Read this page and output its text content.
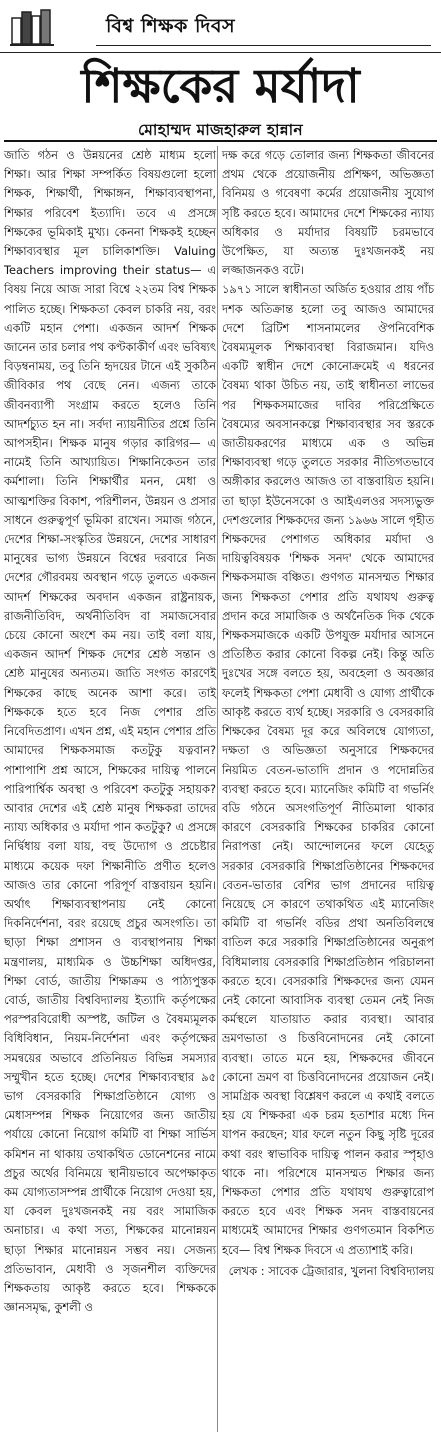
বিশ্ব শিক্ষক দিবস
শিক্ষকের মর্যাদা
মোহাম্মদ মাজহারুল হান্নান

জাতি গঠন ও উন্নয়নের শ্রেষ্ঠ মাধ্যম হলো শিক্ষা। আর শিক্ষা সম্পর্কিত বিষয়গুলো হলো শিক্ষক, শিক্ষার্থী, শিক্ষাঙ্গন, শিক্ষাব্যবস্থাপনা, শিক্ষার পরিবেশ ইত্যাদি। তবে এ প্রসঙ্গে শিক্ষকের ভূমিকাই মুখ্য। কেননা শিক্ষকই হচ্ছেন শিক্ষাব্যবস্থার মূল চালিকাশক্তি। Valuing Teachers improving their status— এ বিষয় নিয়ে আজ সারা বিশ্বে ২২তম বিশ্ব শিক্ষক পালিত হচ্ছে। শিক্ষকতা কেবল চাকরি নয়, বরং একটি মহান পেশা। একজন আদর্শ শিক্ষক জানেন তার চলার পথ কণ্টকাকীর্ণ এবং ভবিষ্যৎ বিড়ম্বনাময়, তবু তিনি হৃদয়ের টানে এই সুকঠিন জীবিকার পথ বেছে নেন। এজন্য তাকে জীবনব্যাপী সংগ্রাম করতে হলেও তিনি আদর্শচ্যুত হন না। সর্বদা ন্যায়নীতির প্রশ্নে তিনি আপসহীন। শিক্ষক মানুষ গড়ার কারিগর— এ নামেই তিনি আখ্যায়িত। শিক্ষানিকেতন তার কর্মশালা। তিনি শিক্ষার্থীর মনন, মেধা ও আত্মশক্তির বিকাশ, পরিশীলন, উন্নয়ন ও প্রসার সাধনে গুরুত্বপূর্ণ ভূমিকা রাখেন। সমাজ গঠনে, দেশের শিক্ষা-সংস্কৃতির উন্নয়নে, দেশের সাধারণ মানুষের ভাগ্য উন্নয়নে বিশ্বের দরবারে নিজ দেশের গৌরবময় অবস্থান গড়ে তুলতে একজন আদর্শ শিক্ষকের অবদান একজন রাষ্ট্রনায়ক, রাজনীতিবিদ, অর্থনীতিবিদ বা সমাজসেবার চেয়ে কোনো অংশে কম নয়। তাই বলা যায়, একজন আদর্শ শিক্ষক দেশের শ্রেষ্ঠ সন্তান ও শ্রেষ্ঠ মানুষের অন্যতম। জাতি সংগত কারণেই শিক্ষকের কাছে অনেক আশা করে। তাই শিক্ষককে হতে হবে নিজ পেশার প্রতি নিবেদিতপ্রাণ। এখন প্রশ্ন, এই মহান পেশার প্রতি আমাদের শিক্ষকসমাজ কতটুকু যত্নবান? পাশাপাশি প্রশ্ন আসে, শিক্ষকের দায়িত্ব পালনে পারিপার্শ্বিক অবস্থা ও পরিবেশ কতটুকু সহায়ক? আবার দেশের এই শ্রেষ্ঠ মানুষ শিক্ষকরা তাদের ন্যায্য অধিকার ও মর্যাদা পান কতটুকু? এ প্রসঙ্গে নির্দ্বিধায় বলা যায়, বহু উদ্যোগ ও প্রচেষ্টার মাধ্যমে কয়েক দফা শিক্ষানীতি প্রণীত হলেও আজও তার কোনো পরিপূর্ণ বাস্তবায়ন হয়নি। অর্থাৎ শিক্ষাব্যবস্থাপনায় নেই কোনো দিকনির্দেশনা, বরং রয়েছে প্রচুর অসংগতি। তা ছাড়া শিক্ষা প্রশাসন ও ব্যবস্থাপনায় শিক্ষা মন্ত্রণালয়, মাধ্যমিক ও উচ্চশিক্ষা অধিদপ্তর, শিক্ষা বোর্ড, জাতীয় শিক্ষাক্রম ও পাঠ্যপুস্তক বোর্ড, জাতীয় বিশ্ববিদ্যালয় ইত্যাদি কর্তৃপক্ষের পরস্পরবিরোধী অস্পষ্ট, জটিল ও বৈষম্যমূলক বিধিবিধান, নিয়ম-নির্দেশনা এবং কর্তৃপক্ষের সমন্বয়ের অভাবে প্রতিনিয়ত বিভিন্ন সমস্যার সম্মুখীন হতে হচ্ছে। দেশের শিক্ষাব্যবস্থার ৯৫ ভাগ বেসরকারি শিক্ষাপ্রতিষ্ঠানে যোগ্য ও মেধাসম্পন্ন শিক্ষক নিয়োগের জন্য জাতীয় পর্যায়ে কোনো নিয়োগ কমিটি বা শিক্ষা সার্ভিস কমিশন না থাকায় তথাকথিত ডোনেশনের নামে প্রচুর অর্থের বিনিময়ে স্থানীয়ভাবে অপেক্ষাকৃত কম যোগ্যতাসম্পন্ন প্রার্থীকে নিয়োগ দেওয়া হয়, যা কেবল দুঃখজনকই নয় বরং সামাজিক অনাচার। এ কথা সত্য, শিক্ষকের মানোন্নয়ন ছাড়া শিক্ষার মানোন্নয়ন সম্ভব নয়। সেজন্য প্রতিভাবান, মেধাবী ও সৃজনশীল ব্যক্তিদের শিক্ষকতায় আকৃষ্ট করতে হবে। শিক্ষককে জ্ঞানসমৃদ্ধ, কুশলী ও

দক্ষ করে গড়ে তোলার জন্য শিক্ষকতা জীবনের প্রথম থেকে প্রয়োজনীয় প্রশিক্ষণ, অভিজ্ঞতা বিনিময় ও গবেষণা কর্মের প্রয়োজনীয় সুযোগ সৃষ্টি করতে হবে। আমাদের দেশে শিক্ষকের ন্যায্য অধিকার ও মর্যাদার বিষয়টি চরমভাবে উপেক্ষিত, যা অত্যন্ত দুঃখজনকই নয় লজ্জাজনকও বটে।

১৯৭১ সালে স্বাধীনতা অর্জিত হওয়ার প্রায় পাঁচ দশক অতিক্রান্ত হলো তবু আজও আমাদের দেশে ব্রিটিশ শাসনামলের ঔপনিবেশিক বৈষম্যমূলক শিক্ষাব্যবস্থা বিরাজমান। যদিও একটি স্বাধীন দেশে কোনোক্রমেই এ ধরনের বৈষম্য থাকা উচিত নয়, তাই স্বাধীনতা লাভের পর শিক্ষকসমাজের দাবির পরিপ্রেক্ষিতে বৈষম্যের অবসানকল্পে শিক্ষাব্যবস্থার সব স্তরকে জাতীয়করণের মাধ্যমে এক ও অভিন্ন শিক্ষাব্যবস্থা গড়ে তুলতে সরকার নীতিগতভাবে অঙ্গীকার করলেও আজও তা বাস্তবায়িত হয়নি। তা ছাড়া ইউনেসকো ও আইএলওর সদস্যভুক্ত দেশগুলোর শিক্ষকদের জন্য ১৯৬৬ সালে গৃহীত শিক্ষকদের পেশাগত অধিকার মর্যাদা ও দায়িত্ববিষয়ক 'শিক্ষক সনদ' থেকে আমাদের শিক্ষকসমাজ বঞ্চিত। গুণগত মানসম্মত শিক্ষার জন্য শিক্ষকতা পেশার প্রতি যথাযথ গুরুত্ব প্রদান করে সামাজিক ও অর্থনৈতিক দিক থেকে শিক্ষকসমাজকে একটি উপযুক্ত মর্যাদার আসনে প্রতিষ্ঠিত করার কোনো বিকল্প নেই। কিন্তু অতি দুঃখের সঙ্গে বলতে হয়, অবহেলা ও অবজ্ঞার ফলেই শিক্ষকতা পেশা মেধাবী ও যোগ্য প্রার্থীকে আকৃষ্ট করতে ব্যর্থ হচ্ছে। সরকারি ও বেসরকারি শিক্ষকের বৈষম্য দূর করে অবিলম্বে যোগ্যতা, দক্ষতা ও অভিজ্ঞতা অনুসারে শিক্ষকদের নিয়মিত বেতন-ভাতাদি প্রদান ও পদোন্নতির ব্যবস্থা করতে হবে। ম্যানেজিং কমিটি বা গভর্নিং বডি গঠনে অসংগতিপূর্ণ নীতিমালা থাকার কারণে বেসরকারি শিক্ষকের চাকরির কোনো নিরাপত্তা নেই। আন্দোলনের ফলে যেহেতু সরকার বেসরকারি শিক্ষাপ্রতিষ্ঠানের শিক্ষকদের বেতন-ভাতার বেশির ভাগ প্রদানের দায়িত্ব নিয়েছে সে কারণে তথাকথিত এই ম্যানেজিং কমিটি বা গভর্নিং বডির প্রথা অনতিবিলম্বে বাতিল করে সরকারি শিক্ষাপ্রতিষ্ঠানের অনুরূপ বিধিমালায় বেসরকারি শিক্ষাপ্রতিষ্ঠান পরিচালনা করতে হবে। বেসরকারি শিক্ষকদের জন্য যেমন নেই কোনো আবাসিক ব্যবস্থা তেমন নেই নিজ কর্মস্থলে যাতায়াত করার ব্যবস্থা। আবার ভ্রমণভাতা ও চিত্তবিনোদনের নেই কোনো ব্যবস্থা। তাতে মনে হয়, শিক্ষকদের জীবনে কোনো ভ্রমণ বা চিত্তবিনোদনের প্রয়োজন নেই। সামগ্রিক অবস্থা বিশ্লেষণ করলে এ কথাই বলতে হয় যে শিক্ষকরা এক চরম হতাশার মধ্যে দিন যাপন করছেন; যার ফলে নতুন কিছু সৃষ্টি দূরের কথা বরং স্বাভাবিক দায়িত্ব পালন করার স্পৃহাও থাকে না। পরিশেষে মানসম্মত শিক্ষার জন্য শিক্ষকতা পেশার প্রতি যথাযথ গুরুত্বারোপ করতে হবে এবং শিক্ষক সনদ বাস্তবায়নের মাধ্যমেই আমাদের শিক্ষার গুণগতমান বিকশিত হবে— বিশ্ব শিক্ষক দিবসে এ প্রত্যাশাই করি।

লেখক : সাবেক ট্রেজারার, খুলনা বিশ্ববিদ্যালয়
